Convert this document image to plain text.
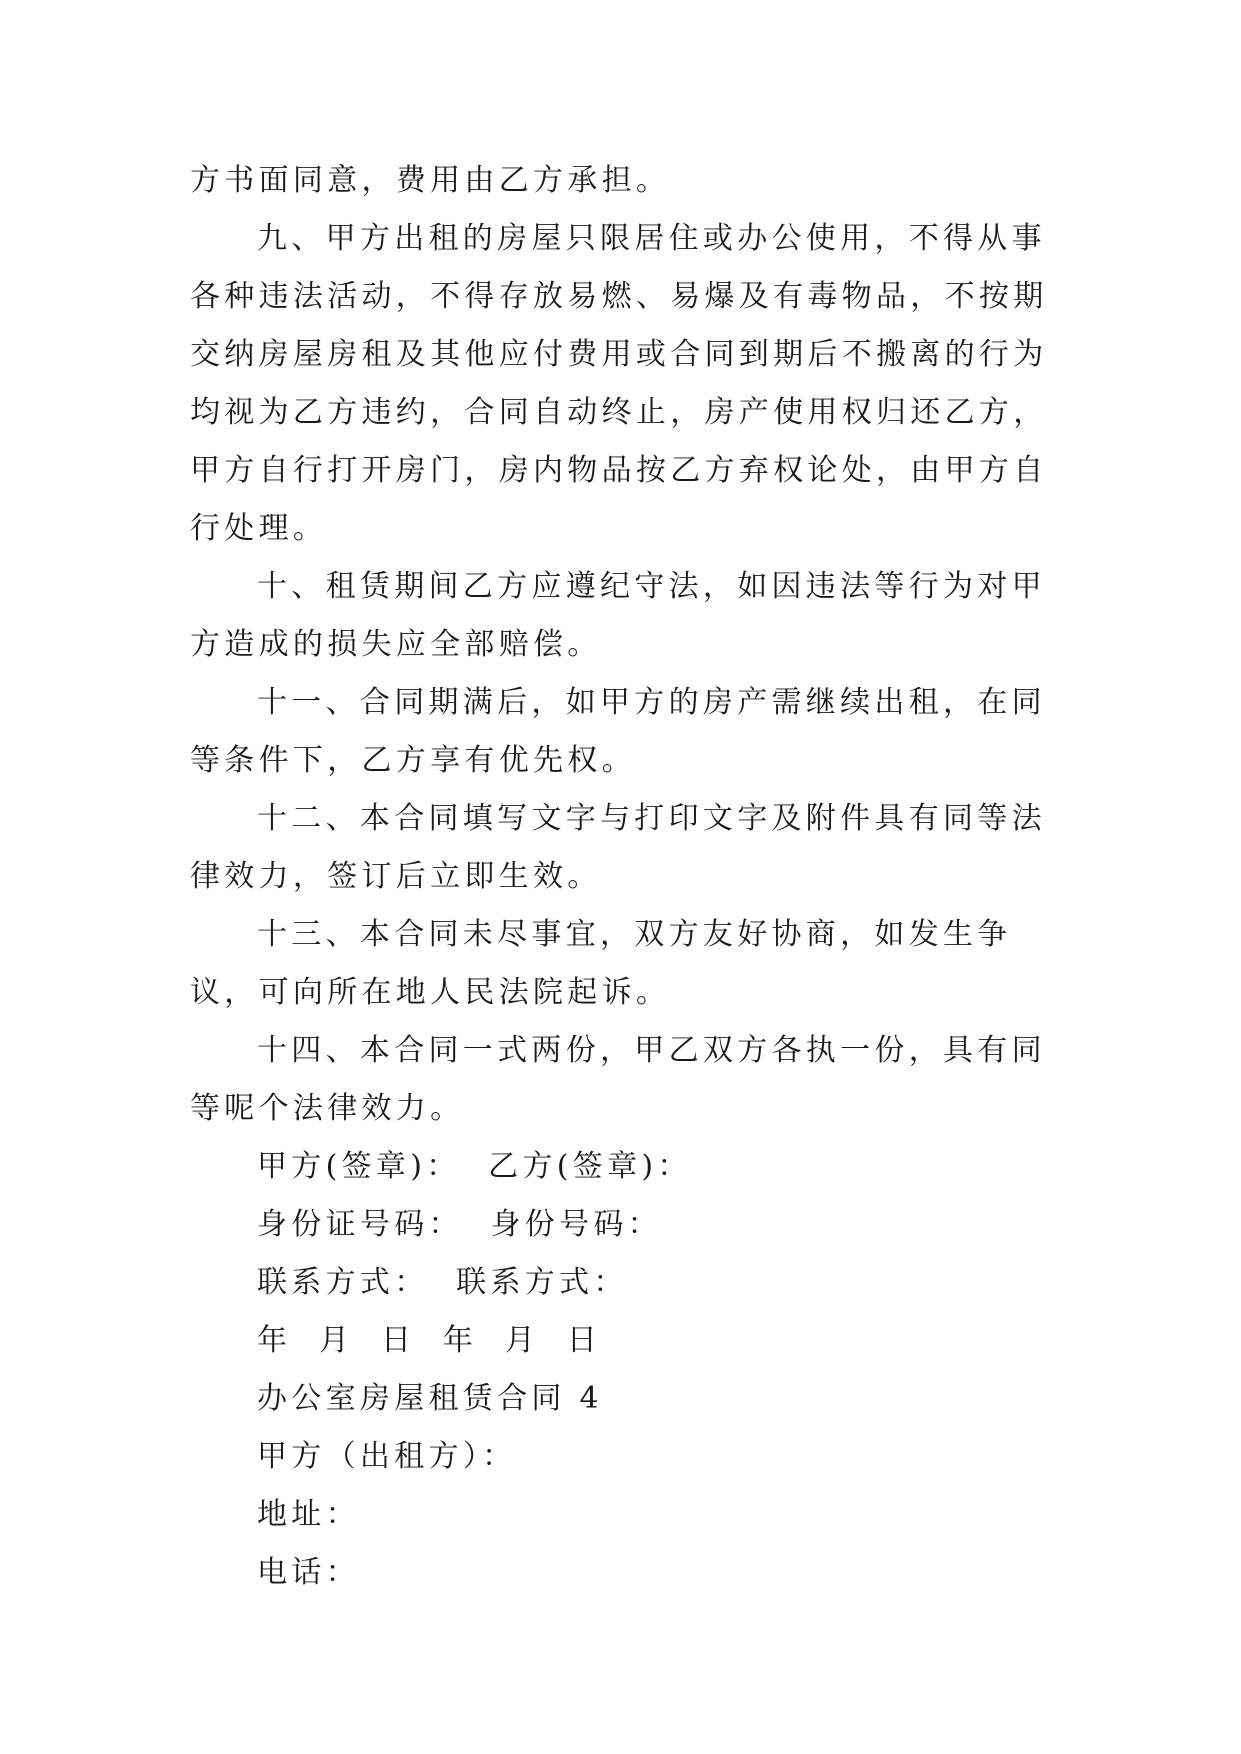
方书面同意，费用由乙方承担。

九、甲方出租的房屋只限居住或办公使用，不得从事各种违法活动，不得存放易燃、易爆及有毒物品，不按期交纳房屋房租及其他应付费用或合同到期后不搬离的行为均视为乙方违约，合同自动终止，房产使用权归还乙方，甲方自行打开房门，房内物品按乙方弃权论处，由甲方自行处理。

十、租赁期间乙方应遵纪守法，如因违法等行为对甲方造成的损失应全部赔偿。

十一、合同期满后，如甲方的房产需继续出租，在同等条件下，乙方享有优先权。

十二、本合同填写文字与打印文字及附件具有同等法律效力，签订后立即生效。

十三、本合同未尽事宜，双方友好协商，如发生争议，可向所在地人民法院起诉。

十四、本合同一式两份，甲乙双方各执一份，具有同等呢个法律效力。

甲方(签章)：  乙方(签章)：

身份证号码：  身份号码：

联系方式：  联系方式：

年  月  日  年  月  日

办公室房屋租赁合同 4

甲方（出租方）：

地址：

电话：
